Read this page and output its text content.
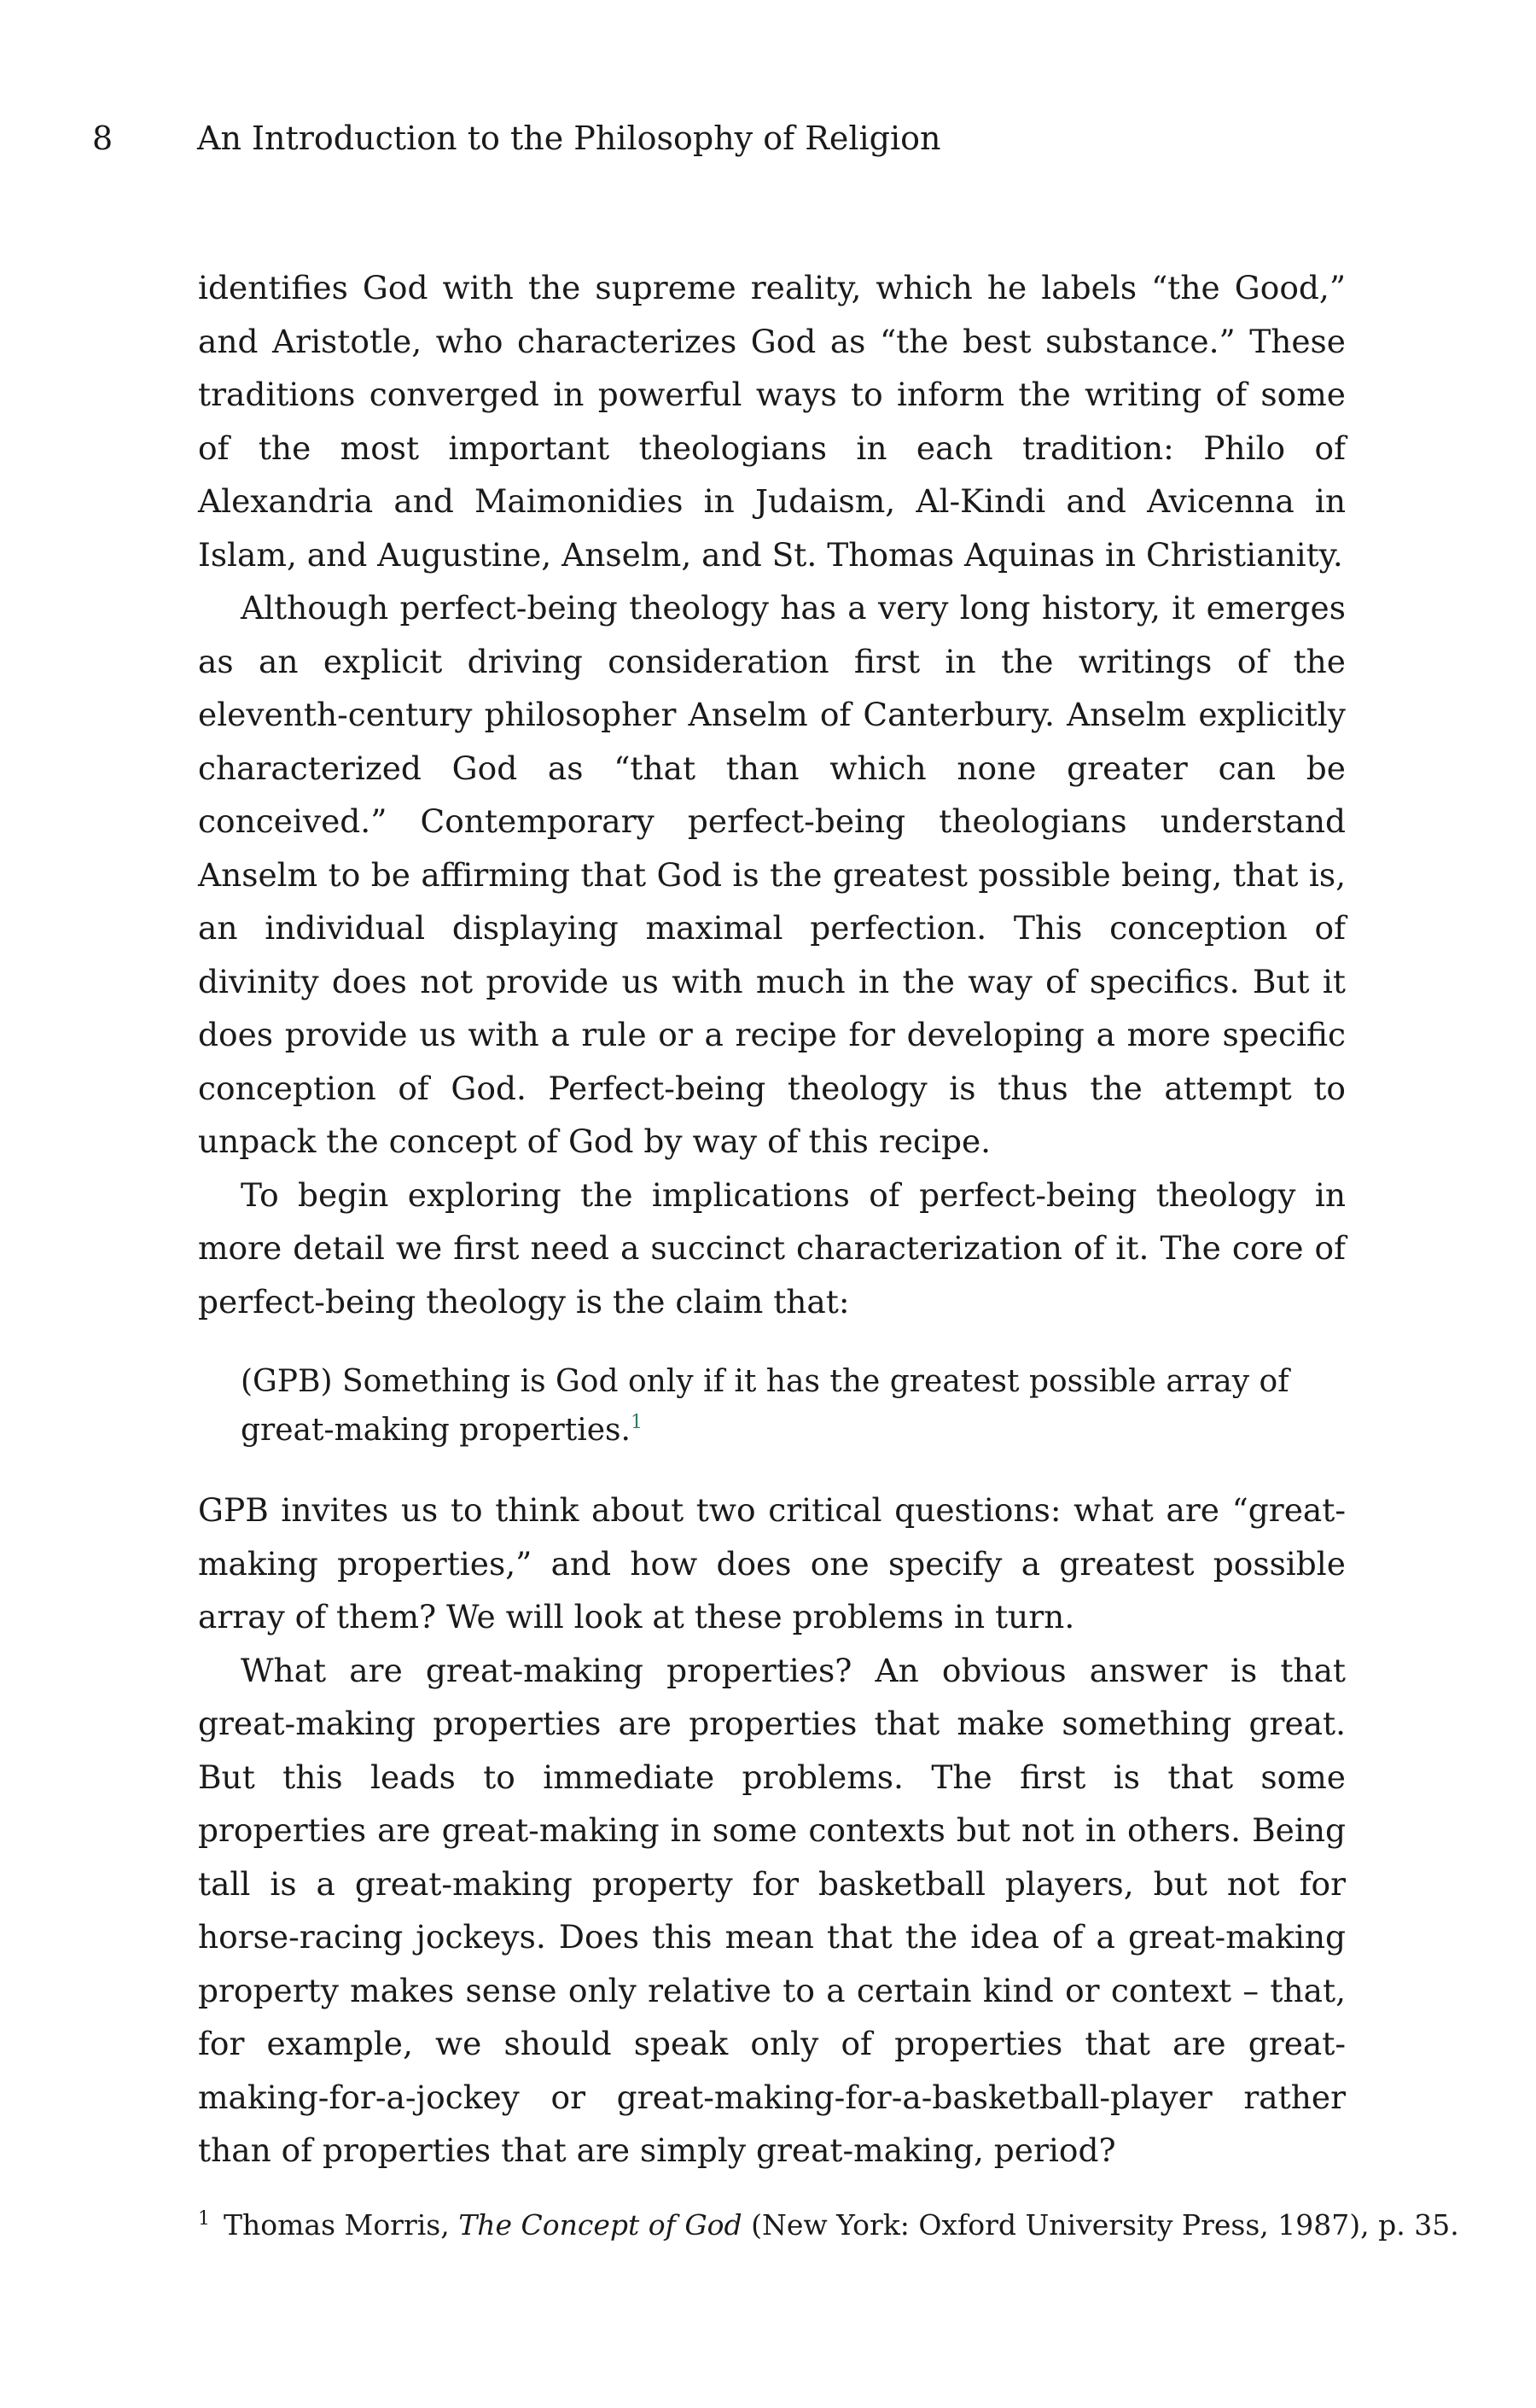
8	An Introduction to the Philosophy of Religion

identifies God with the supreme reality, which he labels “the Good,” and Aristotle, who characterizes God as “the best substance.” These traditions converged in powerful ways to inform the writing of some of the most important theologians in each tradition: Philo of Alexandria and Maimonidies in Judaism, Al-Kindi and Avicenna in Islam, and Augustine, Anselm, and St. Thomas Aquinas in Christianity.

Although perfect-being theology has a very long history, it emerges as an explicit driving consideration first in the writings of the eleventh-century philosopher Anselm of Canterbury. Anselm explicitly characterized God as “that than which none greater can be conceived.” Contemporary perfect-being theologians understand Anselm to be affirming that God is the greatest possible being, that is, an individual displaying maximal perfection. This conception of divinity does not provide us with much in the way of specifics. But it does provide us with a rule or a recipe for developing a more specific conception of God. Perfect-being theology is thus the attempt to unpack the concept of God by way of this recipe.

To begin exploring the implications of perfect-being theology in more detail we first need a succinct characterization of it. The core of perfect-being theology is the claim that:

(GPB) Something is God only if it has the greatest possible array of great-making properties.$^1$

GPB invites us to think about two critical questions: what are “great-making properties,” and how does one specify a greatest possible array of them? We will look at these problems in turn.

What are great-making properties? An obvious answer is that great-making properties are properties that make something great. But this leads to immediate problems. The first is that some properties are great-making in some contexts but not in others. Being tall is a great-making property for basketball players, but not for horse-racing jockeys. Does this mean that the idea of a great-making property makes sense only relative to a certain kind or context – that, for example, we should speak only of properties that are great-making-for-a-jockey or great-making-for-a-basketball-player rather than of properties that are simply great-making, period?

1 Thomas Morris, The Concept of God (New York: Oxford University Press, 1987), p. 35.
